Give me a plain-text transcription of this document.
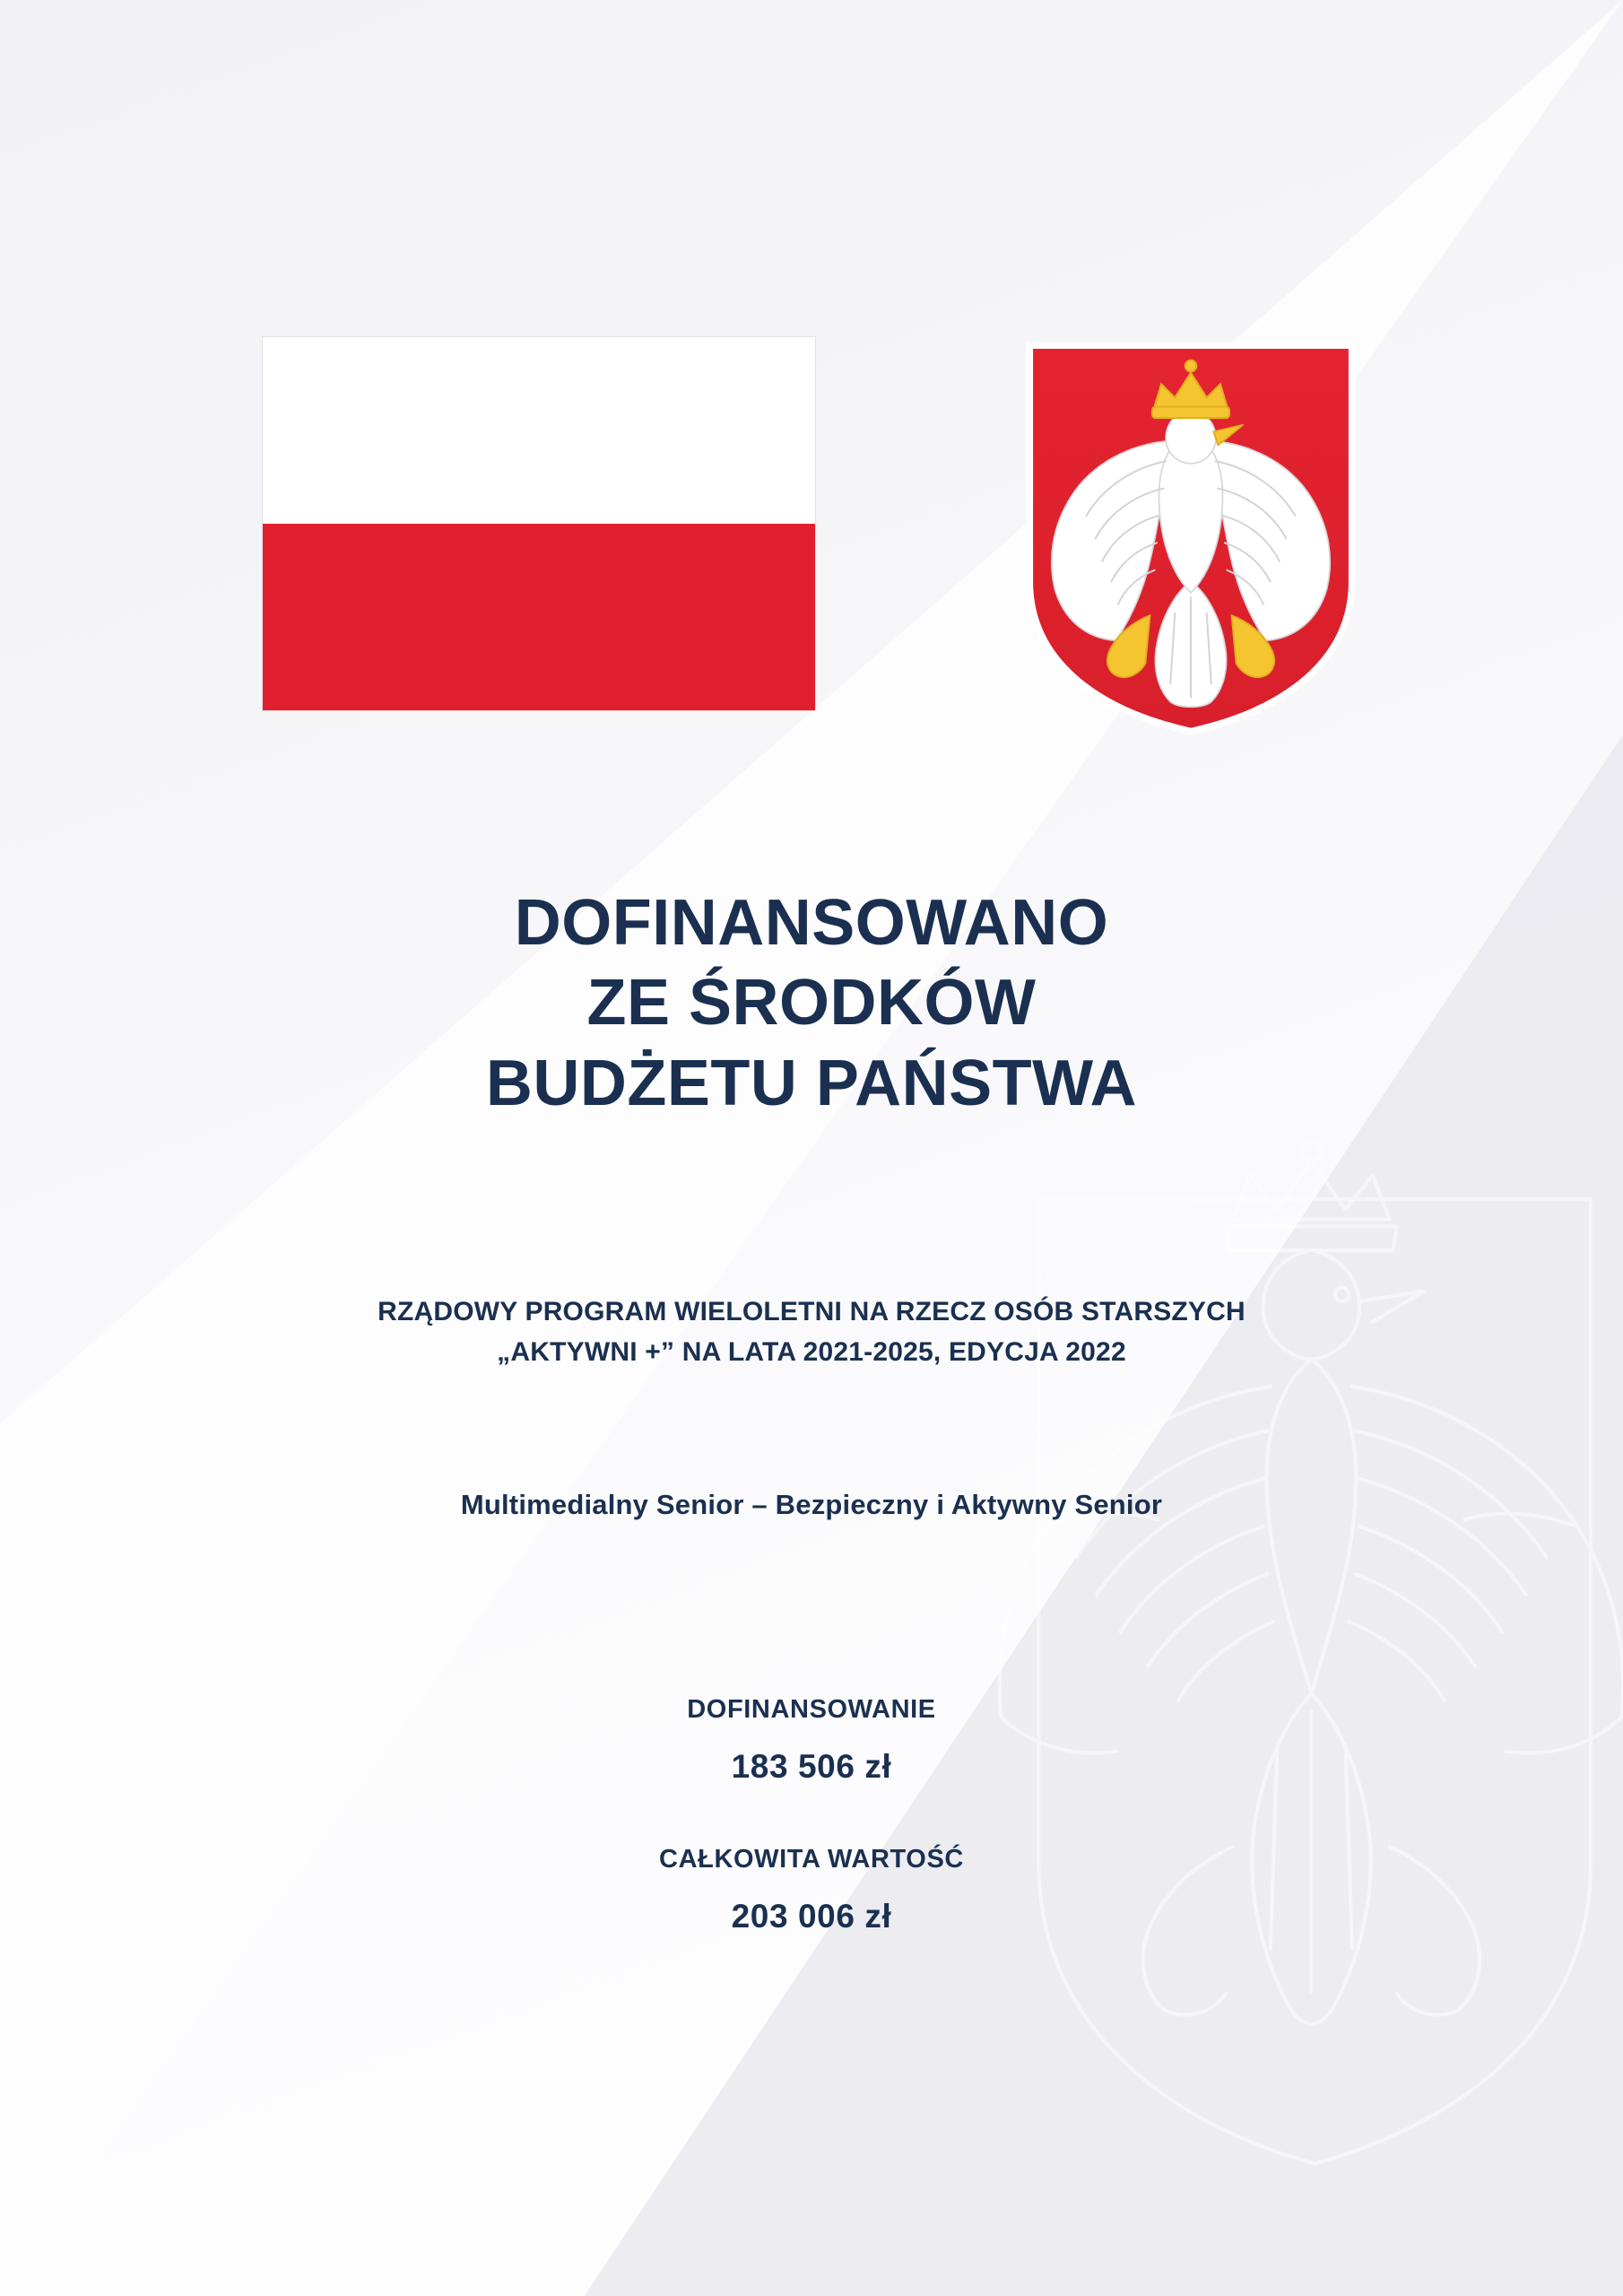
DOFINANSOWANO
ZE ŚRODKÓW
BUDŻETU PAŃSTWA
RZĄDOWY PROGRAM WIELOLETNI NA RZECZ OSÓB STARSZYCH
„AKTYWNI +” NA LATA 2021-2025, EDYCJA 2022
Multimedialny Senior – Bezpieczny i Aktywny Senior
DOFINANSOWANIE
183 506 zł
CAŁKOWITA WARTOŚĆ
203 006 zł
